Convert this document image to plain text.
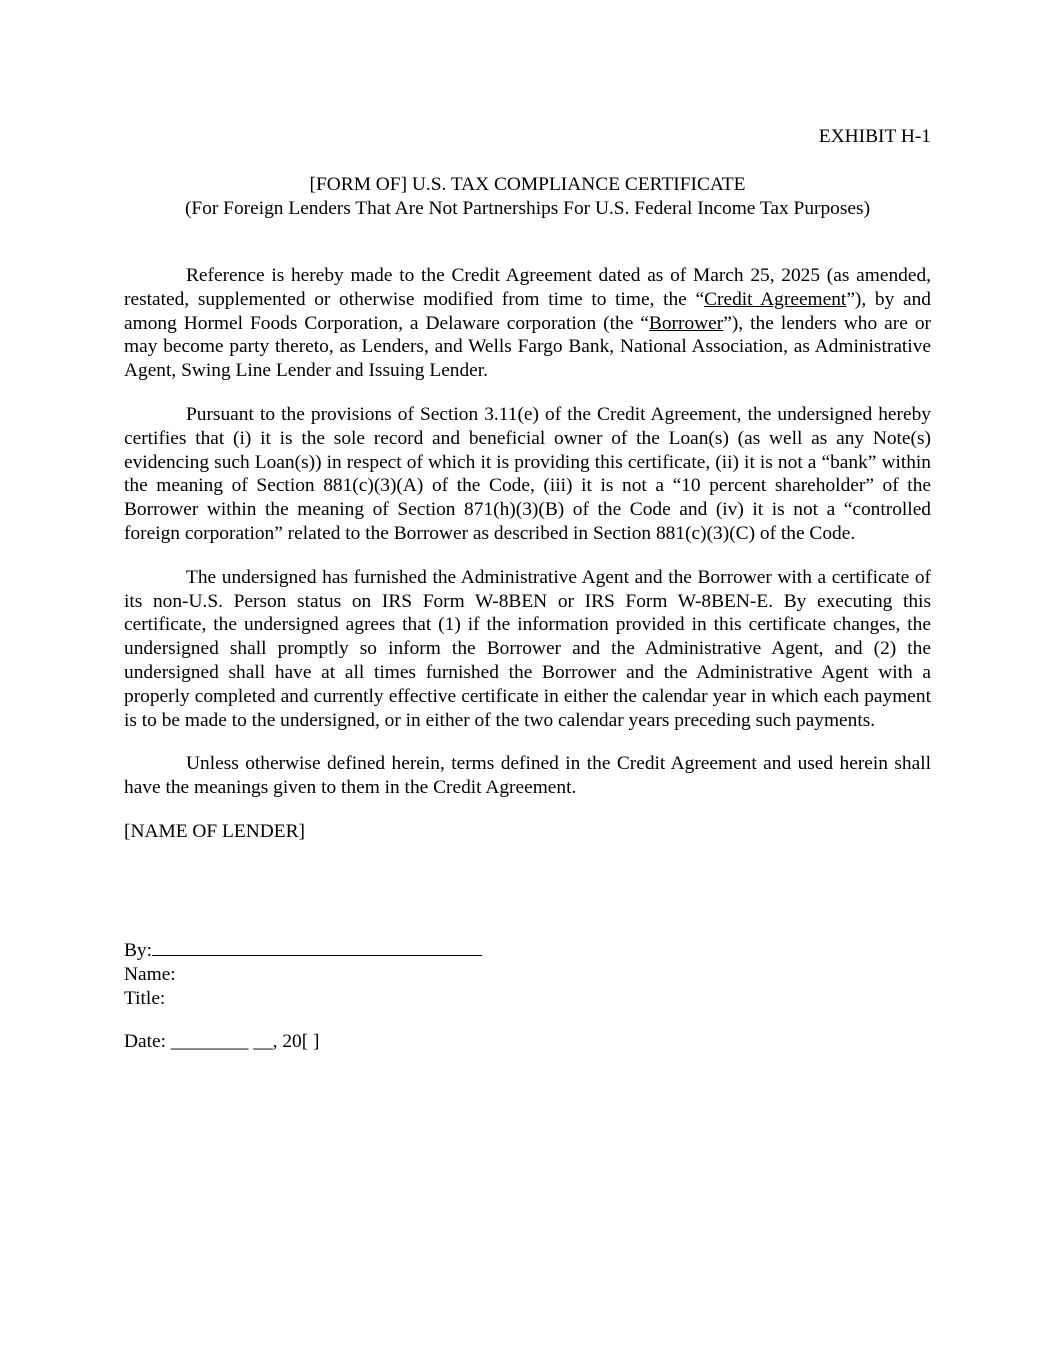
EXHIBIT H-1
[FORM OF] U.S. TAX COMPLIANCE CERTIFICATE
(For Foreign Lenders That Are Not Partnerships For U.S. Federal Income Tax Purposes)

Reference is hereby made to the Credit Agreement dated as of March 25, 2025 (as amended, restated, supplemented or otherwise modified from time to time, the “Credit Agreement”), by and among Hormel Foods Corporation, a Delaware corporation (the “Borrower”), the lenders who are or may become party thereto, as Lenders, and Wells Fargo Bank, National Association, as Administrative Agent, Swing Line Lender and Issuing Lender.

Pursuant to the provisions of Section 3.11(e) of the Credit Agreement, the undersigned hereby certifies that (i) it is the sole record and beneficial owner of the Loan(s) (as well as any Note(s) evidencing such Loan(s)) in respect of which it is providing this certificate, (ii) it is not a “bank” within the meaning of Section 881(c)(3)(A) of the Code, (iii) it is not a “10 percent shareholder” of the Borrower within the meaning of Section 871(h)(3)(B) of the Code and (iv) it is not a “controlled foreign corporation” related to the Borrower as described in Section 881(c)(3)(C) of the Code.

The undersigned has furnished the Administrative Agent and the Borrower with a certificate of its non-U.S. Person status on IRS Form W-8BEN or IRS Form W-8BEN-E. By executing this certificate, the undersigned agrees that (1) if the information provided in this certificate changes, the undersigned shall promptly so inform the Borrower and the Administrative Agent, and (2) the undersigned shall have at all times furnished the Borrower and the Administrative Agent with a properly completed and currently effective certificate in either the calendar year in which each payment is to be made to the undersigned, or in either of the two calendar years preceding such payments.

Unless otherwise defined herein, terms defined in the Credit Agreement and used herein shall have the meanings given to them in the Credit Agreement.

[NAME OF LENDER]

By:
Name:
Title:
Date: ________ __, 20[ ]
